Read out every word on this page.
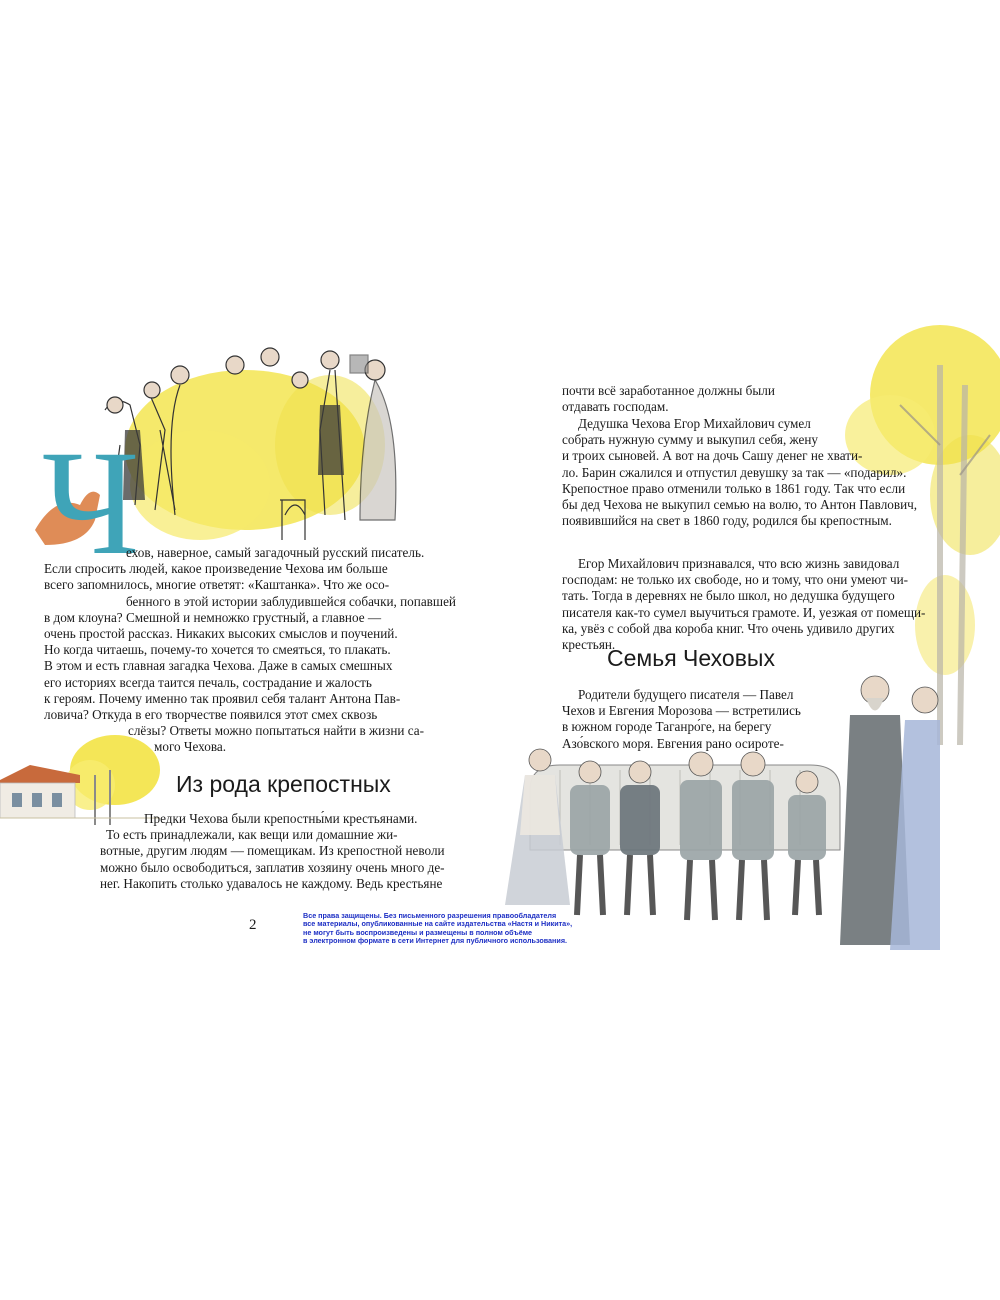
Ч
ехов, наверное, самый загадочный русский писатель.
Если спросить людей, какое произведение Чехова им больше
всего запомнилось, многие ответят: «Каштанка». Что же осо-
бенного в этой истории заблудившейся собачки, попавшей
в дом клоуна? Смешной и немножко грустный, а главное —
очень простой рассказ. Никаких высоких смыслов и поучений.
Но когда читаешь, почему-то хочется то смеяться, то плакать.
В этом и есть главная загадка Чехова. Даже в самых смешных
его историях всегда таится печаль, сострадание и жалость
к героям. Почему именно так проявил себя талант Антона Пав-
ловича? Откуда в его творчестве появился этот смех сквозь
слёзы? Ответы можно попытаться найти в жизни са-
мого Чехова.
Из рода крепостных
Предки Чехова были крепостны́ми крестьянами.
То есть принадлежали, как вещи или домашние жи-
вотные, другим людям — помещикам. Из крепостной неволи
можно было освободиться, заплатив хозяину очень много де-
нег. Накопить столько удавалось не каждому. Ведь крестьяне
2
Все права защищены. Без письменного разрешения правообладателя
все материалы, опубликованные на сайте издательства «Настя и Никита»,
не могут быть воспроизведены и размещены в полном объёме
в электронном формате в сети Интернет для публичного использования.
почти всё заработанное должны были
отдавать господам.
Дедушка Чехова Егор Михайлович сумел
собрать нужную сумму и выкупил себя, жену
и троих сыновей. А вот на дочь Сашу денег не хвати-
ло. Барин сжалился и отпустил девушку за так — «подарил».
Крепостное право отменили только в 1861 году. Так что если
бы дед Чехова не выкупил семью на волю, то Антон Павлович,
появившийся на свет в 1860 году, родился бы крепостным.
Егор Михайлович признавался, что всю жизнь завидовал
господам: не только их свободе, но и тому, что они умеют чи-
тать. Тогда в деревнях не было школ, но дедушка будущего
писателя как-то сумел выучиться грамоте. И, уезжая от помещи-
ка, увёз с собой два короба книг. Что очень удивило других
крестьян.
Семья Чеховых
Родители будущего писателя — Павел
Чехов и Евгения Морозова — встретились
в южном городе Таганро́ге, на берегу
Азо́вского моря. Евгения рано осироте-
